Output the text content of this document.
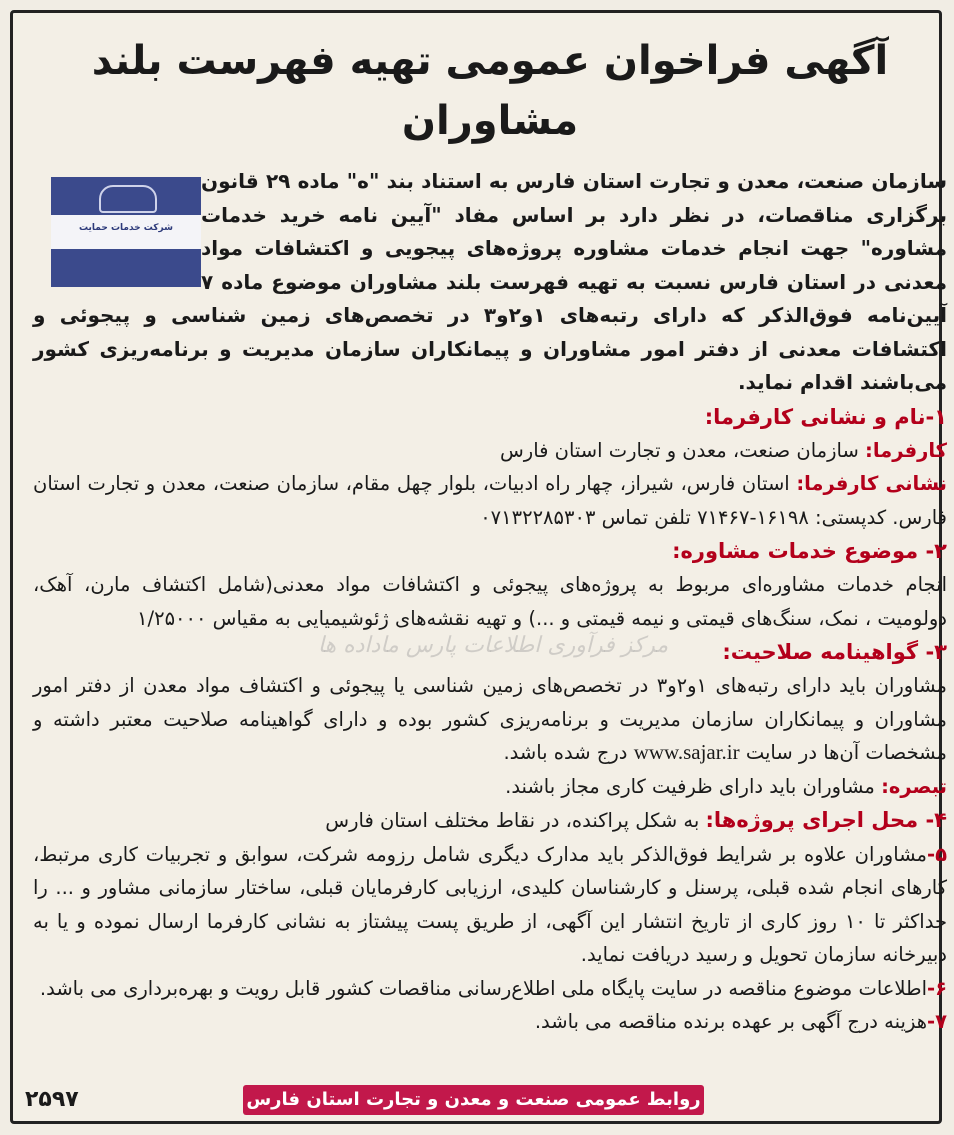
آگهی فراخوان عمومی تهیه فهرست بلند مشاوران
شرکت خدمات حمایت

سازمان صنعت، معدن و تجارت استان فارس به استناد بند "ه" ماده ۲۹ قانون برگزاری مناقصات، در نظر دارد بر اساس مفاد "آیین نامه خرید خدمات مشاوره" جهت انجام خدمات مشاوره پروژه‌های پیجویی و اکتشافات مواد معدنی در استان فارس نسبت به تهیه فهرست بلند مشاوران موضوع ماده ۷ آیین‌نامه فوق‌الذکر که دارای رتبه‌های ۱و۲و۳ در تخصص‌های زمین شناسی و پیجوئی و اکتشافات معدنی از دفتر امور مشاوران و پیمانکاران سازمان مدیریت و برنامه‌ریزی کشور می‌باشند اقدام نماید.

۱-نام و نشانی کارفرما:

کارفرما: سازمان صنعت، معدن و تجارت استان فارس

نشانی کارفرما: استان فارس، شیراز، چهار راه ادبیات، بلوار چهل مقام، سازمان صنعت، معدن و تجارت استان فارس. کدپستی: ۱۶۱۹۸-۷۱۴۶۷ تلفن تماس ۰۷۱۳۲۲۸۵۳۰۳

۲- موضوع خدمات مشاوره:

انجام خدمات مشاوره‌ای مربوط به پروژه‌های پیجوئی و اکتشافات مواد معدنی(شامل اکتشاف مارن، آهک، دولومیت ، نمک، سنگ‌های قیمتی و نیمه قیمتی و ...) و تهیه نقشه‌های ژئوشیمیایی به مقیاس ۱/۲۵۰۰۰

۳- گواهینامه صلاحیت:

مشاوران باید دارای رتبه‌های ۱و۲و۳ در تخصص‌های زمین شناسی یا پیجوئی و اکتشاف مواد معدن از دفتر امور مشاوران و پیمانکاران سازمان مدیریت و برنامه‌ریزی کشور بوده و دارای گواهینامه صلاحیت معتبر داشته و مشخصات آن‌ها در سایت www.sajar.ir درج شده باشد.

تبصره: مشاوران باید دارای ظرفیت کاری مجاز باشند.

۴- محل اجرای پروژه‌ها: به شکل پراکنده، در نقاط مختلف استان فارس

۵-مشاوران علاوه بر شرایط فوق‌الذکر باید مدارک دیگری شامل رزومه شرکت، سوابق و تجربیات کاری مرتبط، کارهای انجام شده قبلی، پرسنل و کارشناسان کلیدی، ارزیابی کارفرمایان قبلی، ساختار سازمانی مشاور و ... را حداکثر تا ۱۰ روز کاری از تاریخ انتشار این آگهی، از طریق پست پیشتاز به نشانی کارفرما ارسال نموده و یا به دبیرخانه سازمان تحویل و رسید دریافت نماید.

۶-اطلاعات موضوع مناقصه در سایت پایگاه ملی اطلاع‌رسانی مناقصات کشور قابل رویت و بهره‌برداری می باشد.

۷-هزینه درج آگهی بر عهده برنده مناقصه می باشد.

مرکز فرآوری اطلاعات پارس ماداده ها
۲۵۹۷	روابط عمومی صنعت و معدن و تجارت استان فارس
